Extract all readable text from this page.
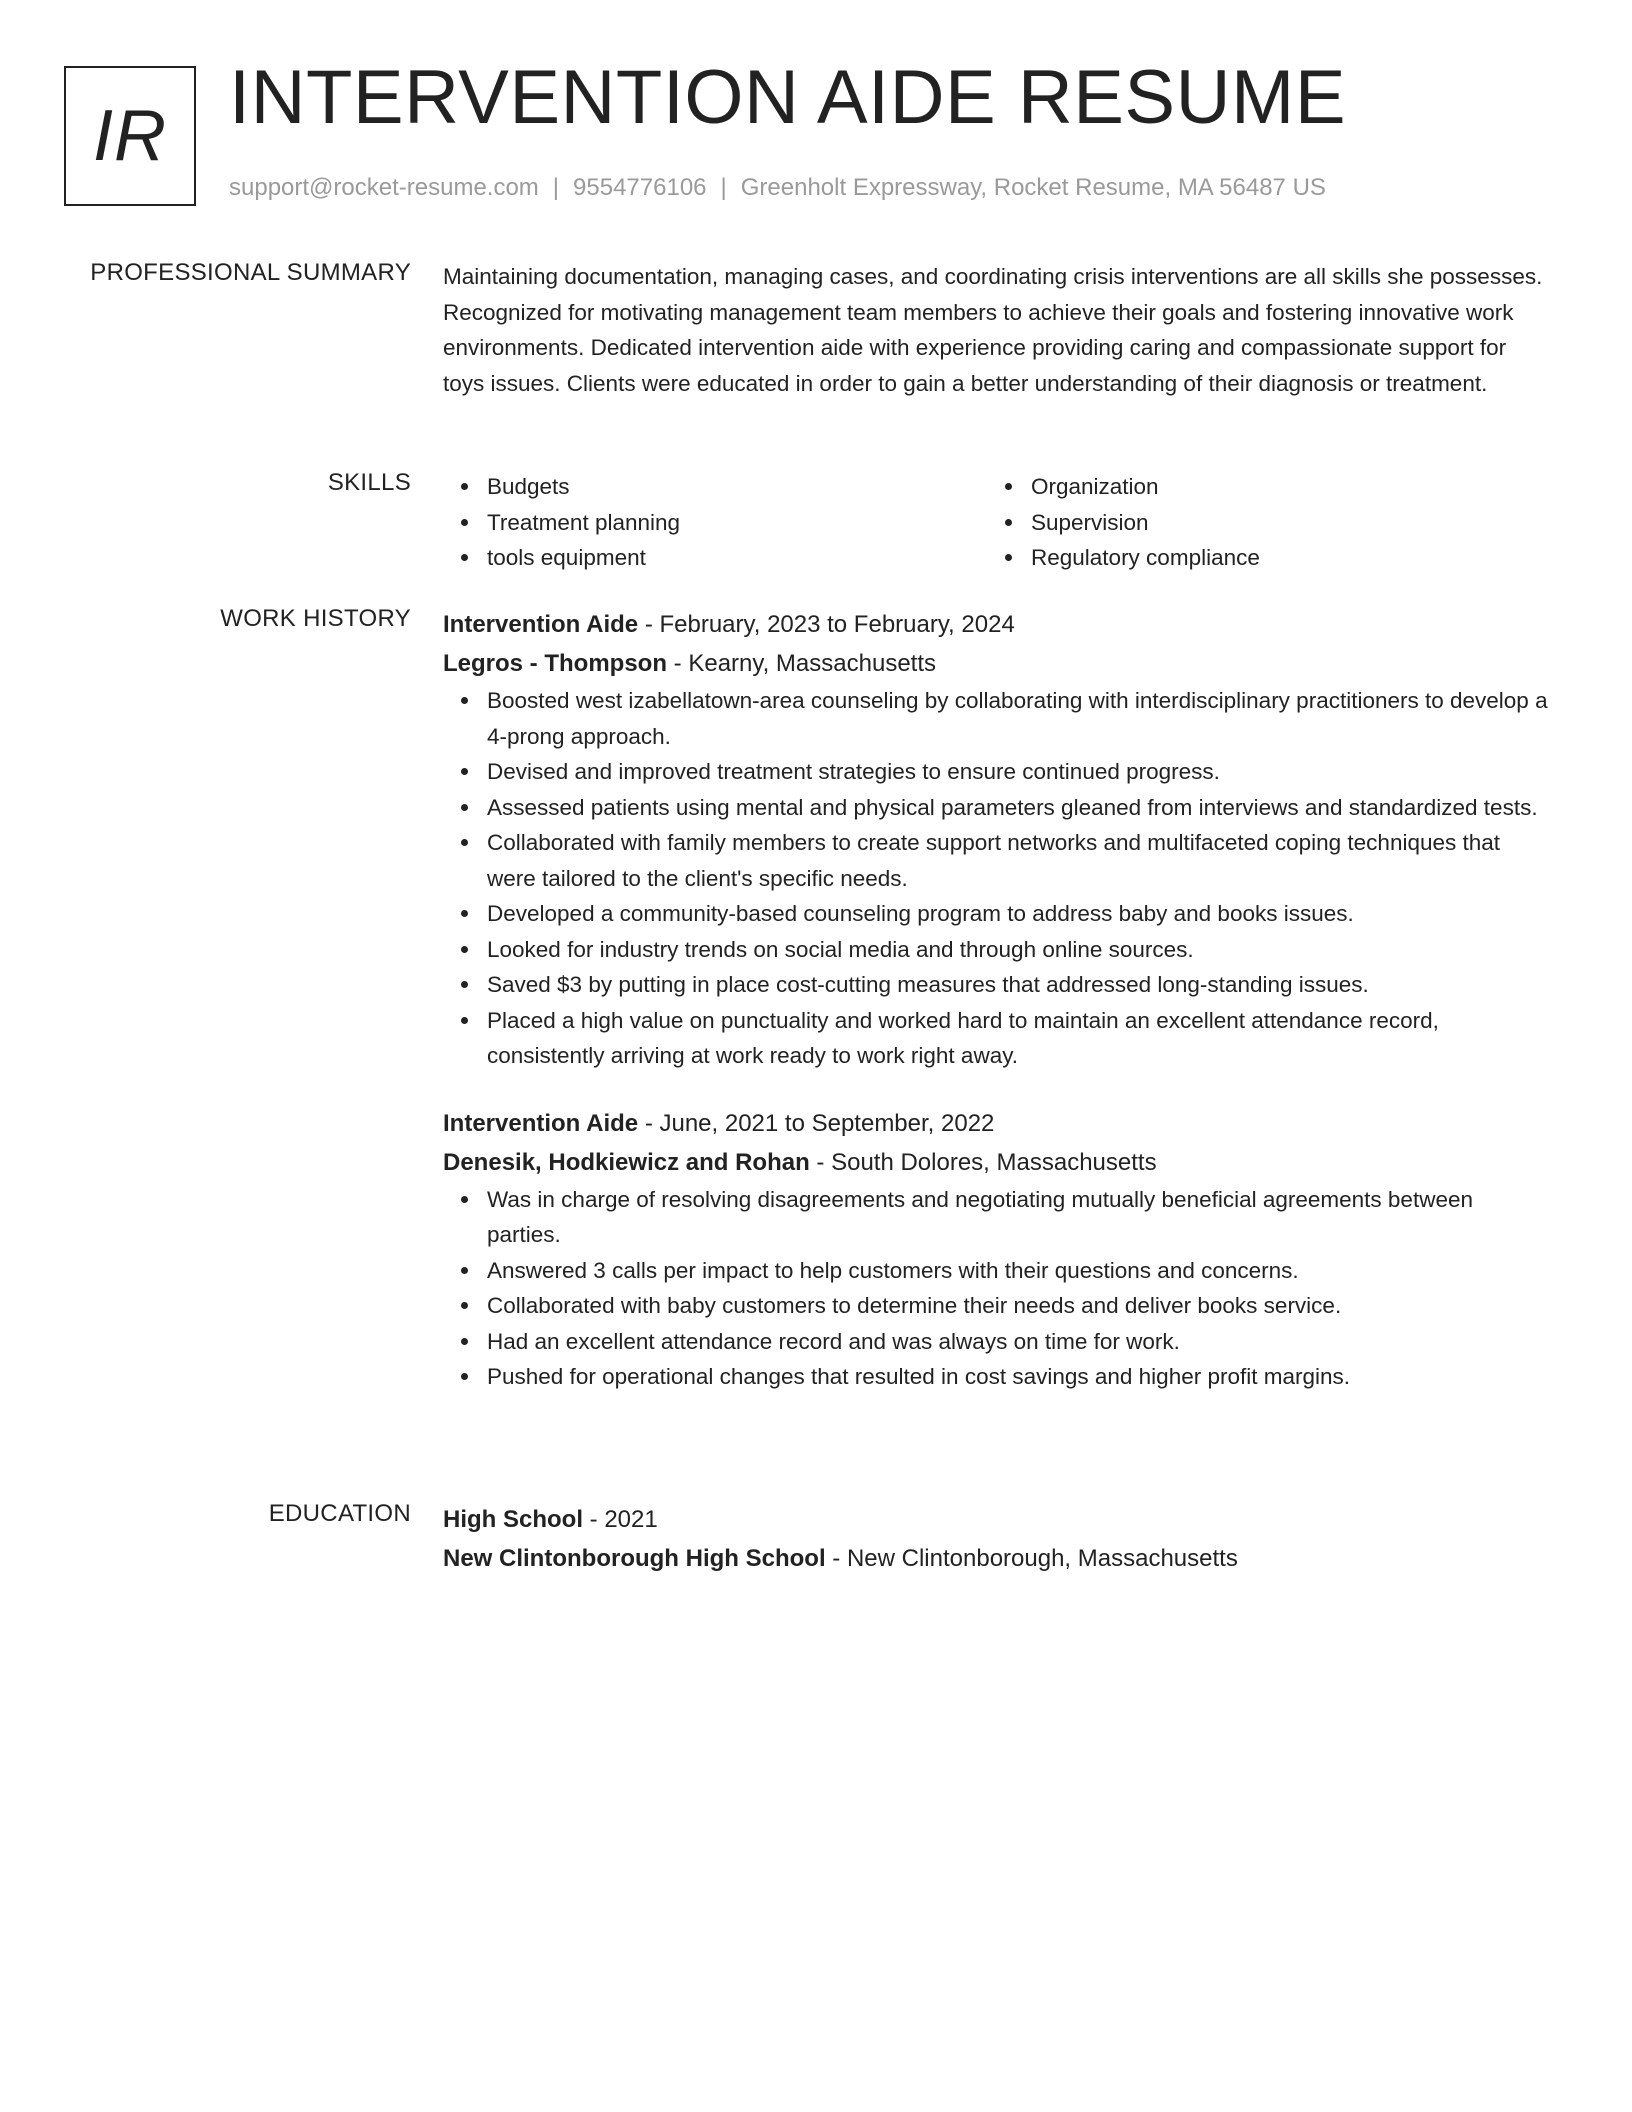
IR INTERVENTION AIDE RESUME
support@rocket-resume.com | 9554776106 | Greenholt Expressway, Rocket Resume, MA 56487 US
PROFESSIONAL SUMMARY Maintaining documentation, managing cases, and coordinating crisis interventions are all skills she possesses. Recognized for motivating management team members to achieve their goals and fostering innovative work environments. Dedicated intervention aide with experience providing caring and compassionate support for toys issues. Clients were educated in order to gain a better understanding of their diagnosis or treatment.
SKILLS	Budgets
Treatment planning
tools equipment
Organization
Supervision
Regulatory compliance
WORK HISTORY Intervention Aide - February, 2023 to February, 2024
Legros - Thompson - Kearny, Massachusetts
Boosted west izabellatown-area counseling by collaborating with interdisciplinary practitioners to develop a 4-prong approach.
Devised and improved treatment strategies to ensure continued progress.
Assessed patients using mental and physical parameters gleaned from interviews and standardized tests.
Collaborated with family members to create support networks and multifaceted coping techniques that were tailored to the client's specific needs.
Developed a community-based counseling program to address baby and books issues.
Looked for industry trends on social media and through online sources.
Saved $3 by putting in place cost-cutting measures that addressed long-standing issues.
Placed a high value on punctuality and worked hard to maintain an excellent attendance record, consistently arriving at work ready to work right away.
Intervention Aide - June, 2021 to September, 2022
Denesik, Hodkiewicz and Rohan - South Dolores, Massachusetts
Was in charge of resolving disagreements and negotiating mutually beneficial agreements between parties.
Answered 3 calls per impact to help customers with their questions and concerns.
Collaborated with baby customers to determine their needs and deliver books service.
Had an excellent attendance record and was always on time for work.
Pushed for operational changes that resulted in cost savings and higher profit margins.
EDUCATION High School - 2021
New Clintonborough High School - New Clintonborough, Massachusetts
